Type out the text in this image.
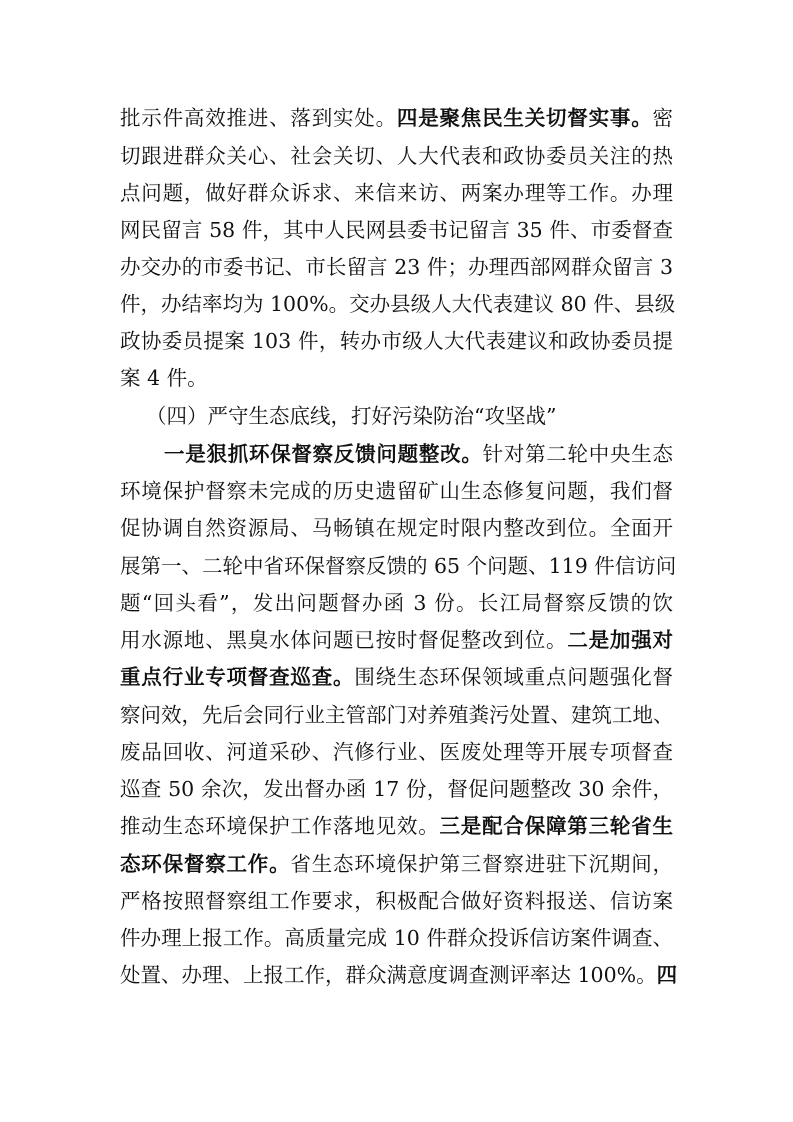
批示件高效推进、落到实处。四是聚焦民生关切督实事。密
切跟进群众关心、社会关切、人大代表和政协委员关注的热
点问题，做好群众诉求、来信来访、两案办理等工作。办理
网民留言 58 件，其中人民网县委书记留言 35 件、市委督查
办交办的市委书记、市长留言 23 件；办理西部网群众留言 3
件，办结率均为 100%。交办县级人大代表建议 80 件、县级
政协委员提案 103 件，转办市级人大代表建议和政协委员提
案 4 件。
（四）严守生态底线，打好污染防治“攻坚战”
一是狠抓环保督察反馈问题整改。针对第二轮中央生态
环境保护督察未完成的历史遗留矿山生态修复问题，我们督
促协调自然资源局、马畅镇在规定时限内整改到位。全面开
展第一、二轮中省环保督察反馈的 65 个问题、119 件信访问
题“回头看”，发出问题督办函 3 份。长江局督察反馈的饮
用水源地、黑臭水体问题已按时督促整改到位。二是加强对
重点行业专项督查巡查。围绕生态环保领域重点问题强化督
察问效，先后会同行业主管部门对养殖粪污处置、建筑工地、
废品回收、河道采砂、汽修行业、医废处理等开展专项督查
巡查 50 余次，发出督办函 17 份，督促问题整改 30 余件，
推动生态环境保护工作落地见效。三是配合保障第三轮省生
态环保督察工作。省生态环境保护第三督察进驻下沉期间，
严格按照督察组工作要求，积极配合做好资料报送、信访案
件办理上报工作。高质量完成 10 件群众投诉信访案件调查、
处置、办理、上报工作，群众满意度调查测评率达 100%。四
